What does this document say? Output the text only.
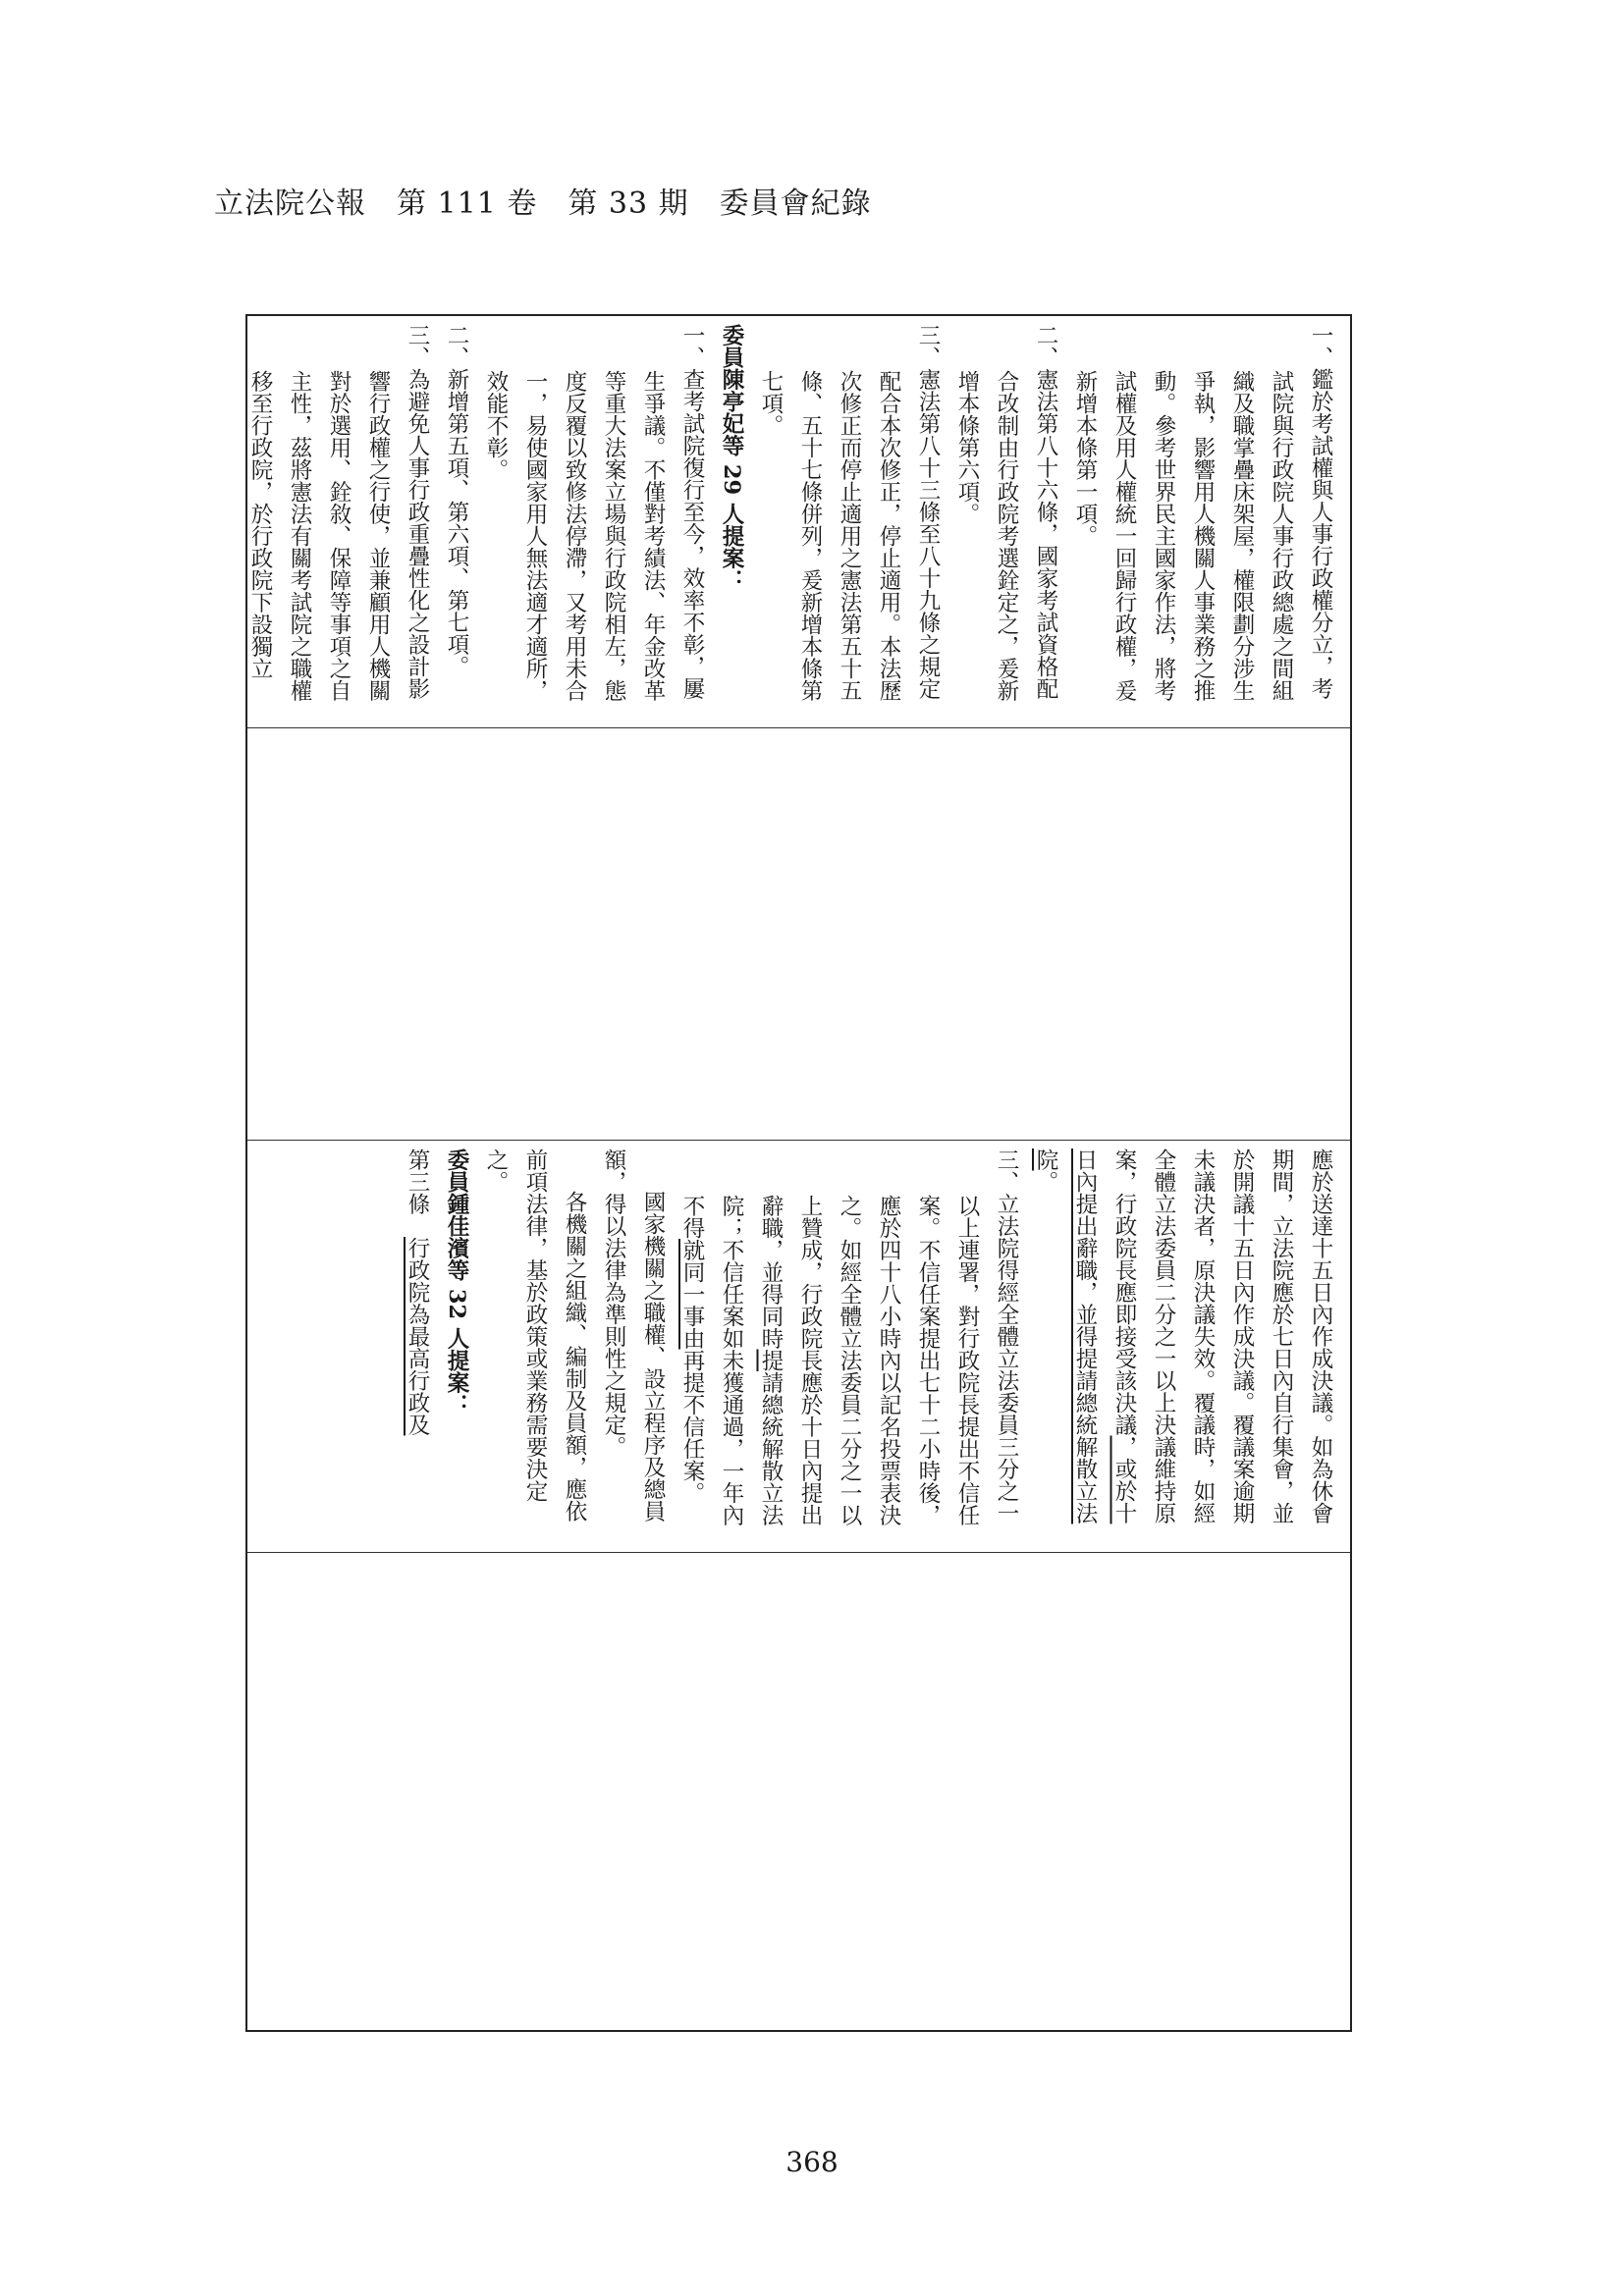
立法院公報　第 111 卷　第 33 期　委員會紀錄
一、鑑於考試權與人事行政權分立，考試院與行政院人事行政總處之間組織及職掌疊床架屋，權限劃分涉生爭執，影響用人機關人事業務之推動。參考世界民主國家作法，將考試權及用人權統一回歸行政權，爰新增本條第一項。
二、憲法第八十六條，國家考試資格配合改制由行政院考選銓定之，爰新增本條第六項。
三、憲法第八十三條至八十九條之規定配合本次修正，停止適用。本法歷次修正而停止適用之憲法第五十五條、五十七條併列，爰新增本條第七項。
委員陳亭妃等 29 人提案：
一、查考試院復行至今，效率不彰，屢生爭議。不僅對考績法、年金改革等重大法案立場與行政院相左，態度反覆以致修法停滯，又考用未合一，易使國家用人無法適才適所，效能不彰。
二、新增第五項、第六項、第七項。
三、為避免人事行政重疊性化之設計影響行政權之行使，並兼顧用人機關對於選用、銓敘、保障等事項之自主性，茲將憲法有關考試院之職權移至行政院，於行政院下設獨立
應於送達十五日內作成決議。如為休會期間，立法院應於七日內自行集會，並於開議十五日內作成決議。覆議案逾期未議決者，原決議失效。覆議時，如經全體立法委員二分之一以上決議維持原案，行政院長應即接受該決議，或於十日內提出辭職，並得提請總統解散立法院。
三、立法院得經全體立法委員三分之一以上連署，對行政院長提出不信任案。不信任案提出七十二小時後，應於四十八小時內以記名投票表決之。如經全體立法委員二分之一以上贊成，行政院長應於十日內提出辭職，並得同時提請總統解散立法院；不信任案如未獲通過，一年內不得就同一事由再提不信任案。
國家機關之職權、設立程序及總員額，得以法律為準則性之規定。
各機關之組織、編制及員額，應依前項法律，基於政策或業務需要決定之。
委員鍾佳濱等 32 人提案：
第三條　行政院為最高行政及
368
